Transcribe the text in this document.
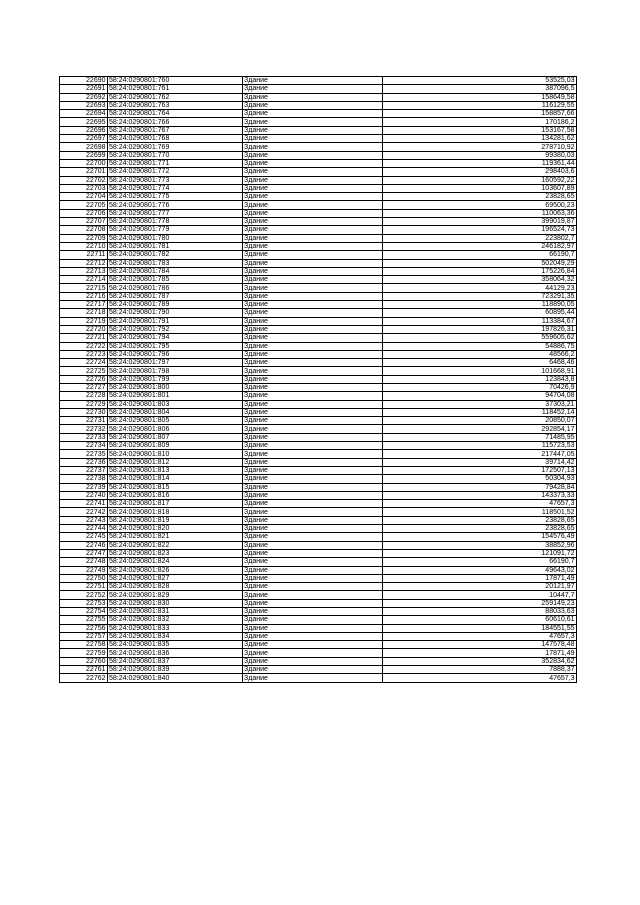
22690	58:24:0290801:760	Здание	53525,03
22691	58:24:0290801:761	Здание	387096,5
22692	58:24:0290801:762	Здание	158649,58
22693	58:24:0290801:763	Здание	116129,55
22694	58:24:0290801:764	Здание	158857,66
22695	58:24:0290801:766	Здание	170186,2
22696	58:24:0290801:767	Здание	153167,58
22697	58:24:0290801:768	Здание	134281,62
22698	58:24:0290801:769	Здание	278710,92
22699	58:24:0290801:770	Здание	99380,03
22700	58:24:0290801:771	Здание	119361,44
22701	58:24:0290801:772	Здание	298403,6
22702	58:24:0290801:773	Здание	160592,22
22703	58:24:0290801:774	Здание	103607,89
22704	58:24:0290801:775	Здание	23828,65
22705	58:24:0290801:776	Здание	69500,23
22706	58:24:0290801:777	Здание	110063,36
22707	58:24:0290801:778	Здание	399019,87
22708	58:24:0290801:779	Здание	196524,73
22709	58:24:0290801:780	Здание	223802,7
22710	58:24:0290801:781	Здание	246182,97
22711	58:24:0290801:782	Здание	66190,7
22712	58:24:0290801:783	Здание	502049,29
22713	58:24:0290801:784	Здание	175226,84
22714	58:24:0290801:785	Здание	358064,32
22715	58:24:0290801:786	Здание	44129,23
22716	58:24:0290801:787	Здание	723291,35
22717	58:24:0290801:789	Здание	118890,05
22718	58:24:0290801:790	Здание	60895,44
22719	58:24:0290801:791	Здание	113384,67
22720	58:24:0290801:792	Здание	197826,31
22721	58:24:0290801:794	Здание	559605,62
22722	58:24:0290801:795	Здание	54886,75
22723	58:24:0290801:796	Здание	48566,2
22724	58:24:0290801:797	Здание	6468,46
22725	58:24:0290801:798	Здание	101668,91
22726	58:24:0290801:799	Здание	123843,8
22727	58:24:0290801:800	Здание	70426,9
22728	58:24:0290801:801	Здание	94704,08
22729	58:24:0290801:803	Здание	37303,21
22730	58:24:0290801:804	Здание	118452,14
22731	58:24:0290801:805	Здание	20850,07
22732	58:24:0290801:806	Здание	292854,17
22733	58:24:0290801:807	Здание	71485,95
22734	58:24:0290801:809	Здание	115723,53
22735	58:24:0290801:810	Здание	217447,05
22736	58:24:0290801:812	Здание	39714,42
22737	58:24:0290801:813	Здание	172507,13
22738	58:24:0290801:814	Здание	50304,93
22739	58:24:0290801:815	Здание	79428,84
22740	58:24:0290801:816	Здание	143373,33
22741	58:24:0290801:817	Здание	47657,3
22742	58:24:0290801:818	Здание	118501,52
22743	58:24:0290801:819	Здание	23828,65
22744	58:24:0290801:820	Здание	23828,65
22745	58:24:0290801:821	Здание	154576,49
22746	58:24:0290801:822	Здание	38852,96
22747	58:24:0290801:823	Здание	121091,72
22748	58:24:0290801:824	Здание	66190,7
22749	58:24:0290801:826	Здание	49643,02
22750	58:24:0290801:827	Здание	17871,49
22751	58:24:0290801:828	Здание	20121,97
22752	58:24:0290801:829	Здание	10447,7
22753	58:24:0290801:830	Здание	259149,23
22754	58:24:0290801:831	Здание	88033,63
22755	58:24:0290801:832	Здание	60610,61
22756	58:24:0290801:833	Здание	184551,55
22757	58:24:0290801:834	Здание	47657,3
22758	58:24:0290801:835	Здание	147578,48
22759	58:24:0290801:836	Здание	17871,49
22760	58:24:0290801:837	Здание	352834,62
22761	58:24:0290801:839	Здание	7888,37
22762	58:24:0290801:840	Здание	47657,3
